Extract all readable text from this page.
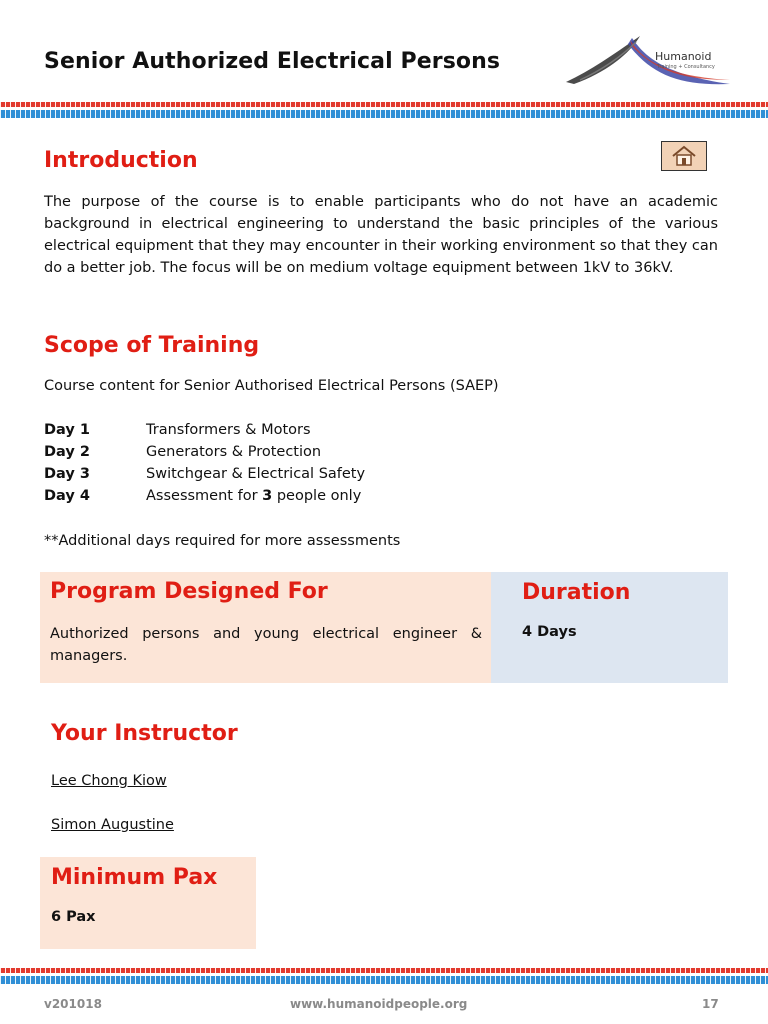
Senior Authorized Electrical Persons	Humanoid
Training + Consultancy
Introduction
The purpose of the course is to enable participants who do not have an academic background in electrical engineering to understand the basic principles of the various electrical equipment that they may encounter in their working environment so that they can do a better job. The focus will be on medium voltage equipment between 1kV to 36kV.
Scope of Training
Course content for Senior Authorised Electrical Persons (SAEP)
Day 1	Transformers & Motors
Day 2	Generators & Protection
Day 3	Switchgear & Electrical Safety
Day 4	Assessment for 3 people only
**Additional days required for more assessments
Program Designed For
Authorized persons and young electrical engineer & managers.
Duration
4 Days
Your Instructor
Lee Chong Kiow
Simon Augustine
Minimum Pax
6 Pax
v201018	www.humanoidpeople.org	17
